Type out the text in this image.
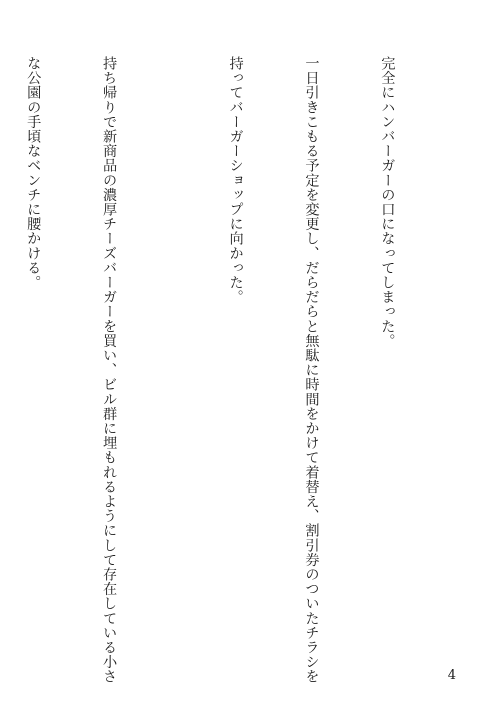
完全にハンバーガーの口になってしまった。

一日引きこもる予定を変更し、だらだらと無駄に時間をかけて着替え、割引券のついたチラシを

持ってバーガーショップに向かった。

持ち帰りで新商品の濃厚チーズバーガーを買い、ビル群に埋もれるようにして存在している小さ

な公園の手頃なベンチに腰かける。

4
